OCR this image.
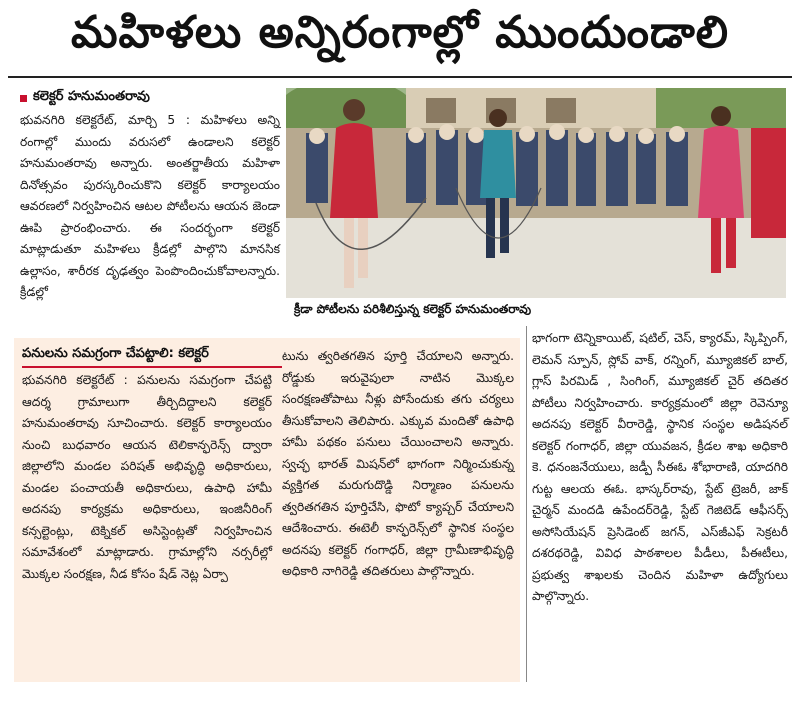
మహిళలు అన్నిరంగాల్లో ముందుండాలి
కలెక్టర్ హనుమంతరావు

భువనగిరి కలెక్టరేట్, మార్చి 5 : మహిళలు అన్ని రంగాల్లో ముందు వరుసలో ఉండాలని కలెక్టర్ హనుమంతరావు అన్నారు. అంతర్జాతీయ మహిళా దినోత్సవం పురస్కరించుకొని కలెక్టర్ కార్యాలయం ఆవరణలో నిర్వహించిన ఆటల పోటీలను ఆయన జెండా ఊపి ప్రారంభించారు. ఈ సందర్భంగా కలెక్టర్ మాట్లాడుతూ మహిళలు క్రీడల్లో పాల్గొని మానసిక ఉల్లాసం, శారీరక దృఢత్వం పెంపొందించుకోవాలన్నారు. క్రీడల్లో

క్రీడా పోటీలను పరిశీలిస్తున్న కలెక్టర్ హనుమంతరావు
పనులను సమగ్రంగా చేపట్టాలి: కలెక్టర్

భువనగిరి కలెక్టరేట్ : పనులను సమగ్రంగా చేపట్టి ఆదర్శ గ్రామాలుగా తీర్చిదిద్దాలని కలెక్టర్ హనుమంతరావు సూచించారు. కలెక్టర్ కార్యాలయం నుంచి బుధవారం ఆయన టెలికాన్ఫరెన్స్ ద్వారా జిల్లాలోని మండల పరిషత్ అభివృద్ధి అధికారులు, మండల పంచాయతీ అధికారులు, ఉపాధి హామీ అదనపు కార్యక్రమ అధికారులు, ఇంజినీరింగ్ కన్సల్టెంట్లు, టెక్నికల్ అసిస్టెంట్లతో నిర్వహించిన సమావేశంలో మాట్లాడారు. గ్రామాల్లోని నర్సరీల్లో మొక్కల సంరక్షణ, నీడ కోసం షేడ్ నెట్ల ఏర్పా

టును త్వరితగతిన పూర్తి చేయాలని అన్నారు. రోడ్డుకు ఇరువైపులా నాటిన మొక్కల సంరక్షణతోపాటు నీళ్లు పోసేందుకు తగు చర్యలు తీసుకోవాలని తెలిపారు. ఎక్కువ మందితో ఉపాధి హామీ పథకం పనులు చేయించాలని అన్నారు. స్వచ్ఛ భారత్ మిషన్‌లో భాగంగా నిర్మించుకున్న వ్యక్తిగత మరుగుదొడ్డి నిర్మాణం పనులను త్వరితగతిన పూర్తిచేసి, ఫొటో క్యాప్చర్ చేయాలని ఆదేశించారు. ఈటెలీ కాన్ఫరెన్స్‌లో స్థానిక సంస్థల అదనపు కలెక్టర్ గంగాధర్, జిల్లా గ్రామీణాభివృద్ధి అధికారి నాగిరెడ్డి తదితరులు పాల్గొన్నారు.

భాగంగా టెన్నికాయిట్, షటిల్, చెస్, క్యారమ్, స్కిప్పింగ్, లెమన్ స్పూన్, స్లోవ్ వాక్, రన్నింగ్, మ్యూజికల్ బాల్, గ్లాస్ పిరమిడ్ , సింగింగ్, మ్యూజికల్ చైర్ తదితర పోటీలు నిర్వహించారు. కార్యక్రమంలో జిల్లా రెవెన్యూ అదనపు కలెక్టర్ వీరారెడ్డి, స్థానిక సంస్థల అడిషనల్ కలెక్టర్ గంగాధర్, జిల్లా యువజన, క్రీడల శాఖ అధికారి కె. ధనంజనేయులు, జడ్పీ సీఈఓ శోభారాణి, యాదగిరి గుట్ట ఆలయ ఈఓ. భాస్కర్‌రావు, స్టేట్ ట్రెజరీ, జాక్ చైర్మన్ మందడి ఉపేందర్‌రెడ్డి, స్టేట్ గెజిటెడ్ ఆఫీసర్స్ అసోసియేషన్ ప్రెసిడెంట్ జగన్, ఎస్‌జీఎఫ్ సెక్రటరీ దశరథరెడ్డి, వివిధ పాఠశాలల పీడీలు, పీఈటీలు, ప్రభుత్వ శాఖలకు చెందిన మహిళా ఉద్యోగులు పాల్గొన్నారు.
